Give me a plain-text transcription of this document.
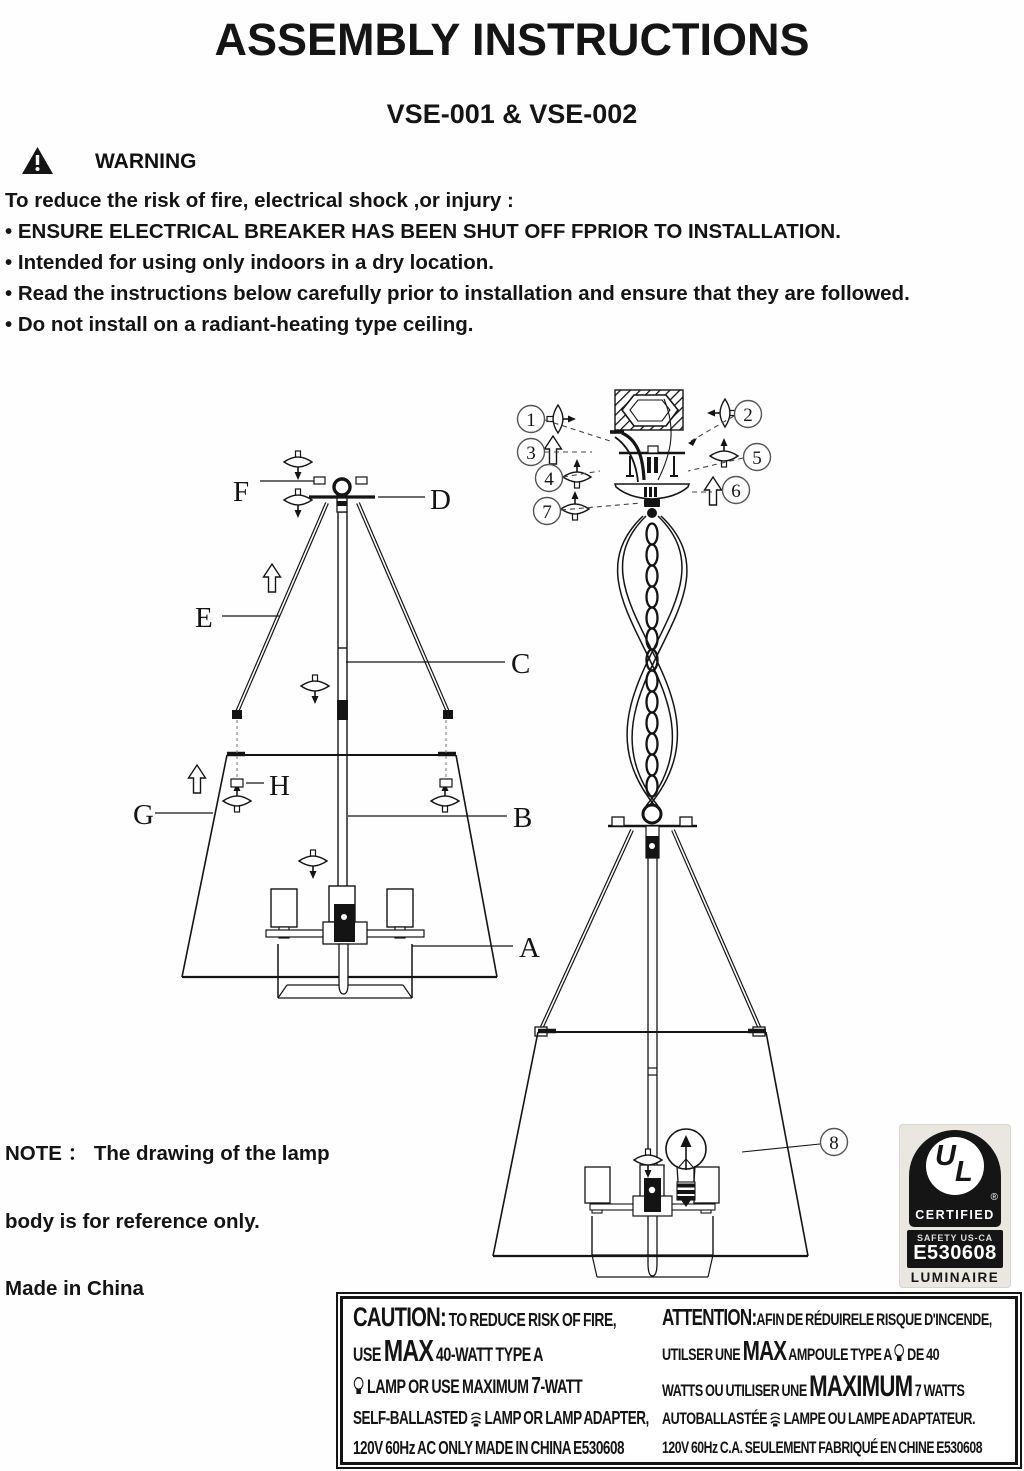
ASSEMBLY INSTRUCTIONS
VSE-001 & VSE-002
WARNING
To reduce the risk of fire, electrical shock ,or injury :
• ENSURE ELECTRICAL BREAKER HAS BEEN SHUT OFF FPRIOR TO INSTALLATION.
• Intended for using only indoors in a dry location.
• Read the instructions below carefully prior to installation and ensure that they are followed.
• Do not install on a radiant-heating type ceiling.
F	D
E
C
G
H
B
A
1	2
3
4
5
6
7
8
NOTE ： The drawing of the lamp
body is for reference only.
Made in China
U L
®
CERTIFIED
SAFETY US-CA
E530608
LUMINAIRE
CAUTION: TO REDUCE RISK OF FIRE,
USE MAX 40-WATT TYPE A
LAMP OR USE MAXIMUM 7-WATT
SELF-BALLASTED LAMP OR LAMP ADAPTER,
120V 60Hz AC ONLY MADE IN CHINA E530608
ATTENTION:AFIN DE RÉDUIRELE RISQUE D'INCENDE,
UTILSER UNE MAX AMPOULE TYPE A DE 40
WATTS OU UTILISER UNE MAXIMUM 7 WATTS
AUTOBALLASTÉE LAMPE OU LAMPE ADAPTATEUR.
120V 60Hz C.A. SEULEMENT FABRIQUÉ EN CHINE E530608
